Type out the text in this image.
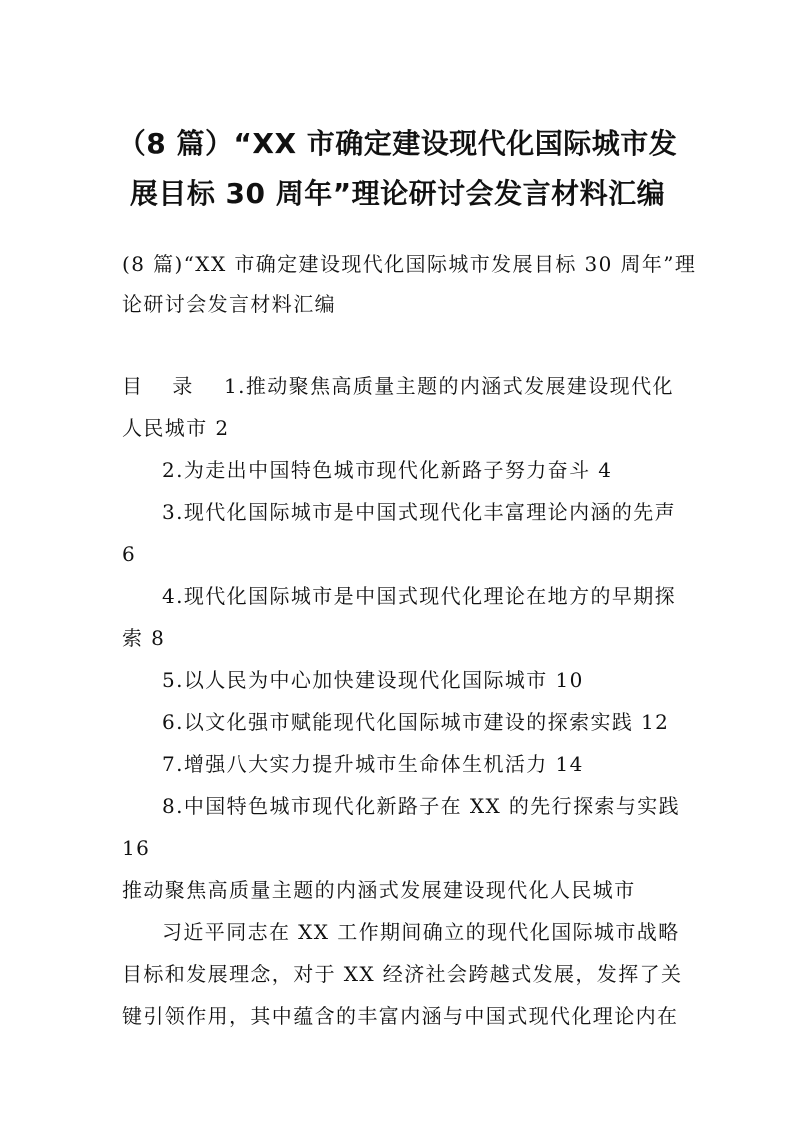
（8 篇）“XX 市确定建设现代化国际城市发
展目标 30 周年”理论研讨会发言材料汇编
(8 篇)“XX 市确定建设现代化国际城市发展目标 30 周年”理
论研讨会发言材料汇编
目 录 1.推动聚焦高质量主题的内涵式发展建设现代化
人民城市 2
2.为走出中国特色城市现代化新路子努力奋斗 4
3.现代化国际城市是中国式现代化丰富理论内涵的先声
6
4.现代化国际城市是中国式现代化理论在地方的早期探
索 8
5.以人民为中心加快建设现代化国际城市 10
6.以文化强市赋能现代化国际城市建设的探索实践 12
7.增强八大实力提升城市生命体生机活力 14
8.中国特色城市现代化新路子在 XX 的先行探索与实践
16
推动聚焦高质量主题的内涵式发展建设现代化人民城市
习近平同志在 XX 工作期间确立的现代化国际城市战略
目标和发展理念，对于 XX 经济社会跨越式发展，发挥了关
键引领作用，其中蕴含的丰富内涵与中国式现代化理论内在
